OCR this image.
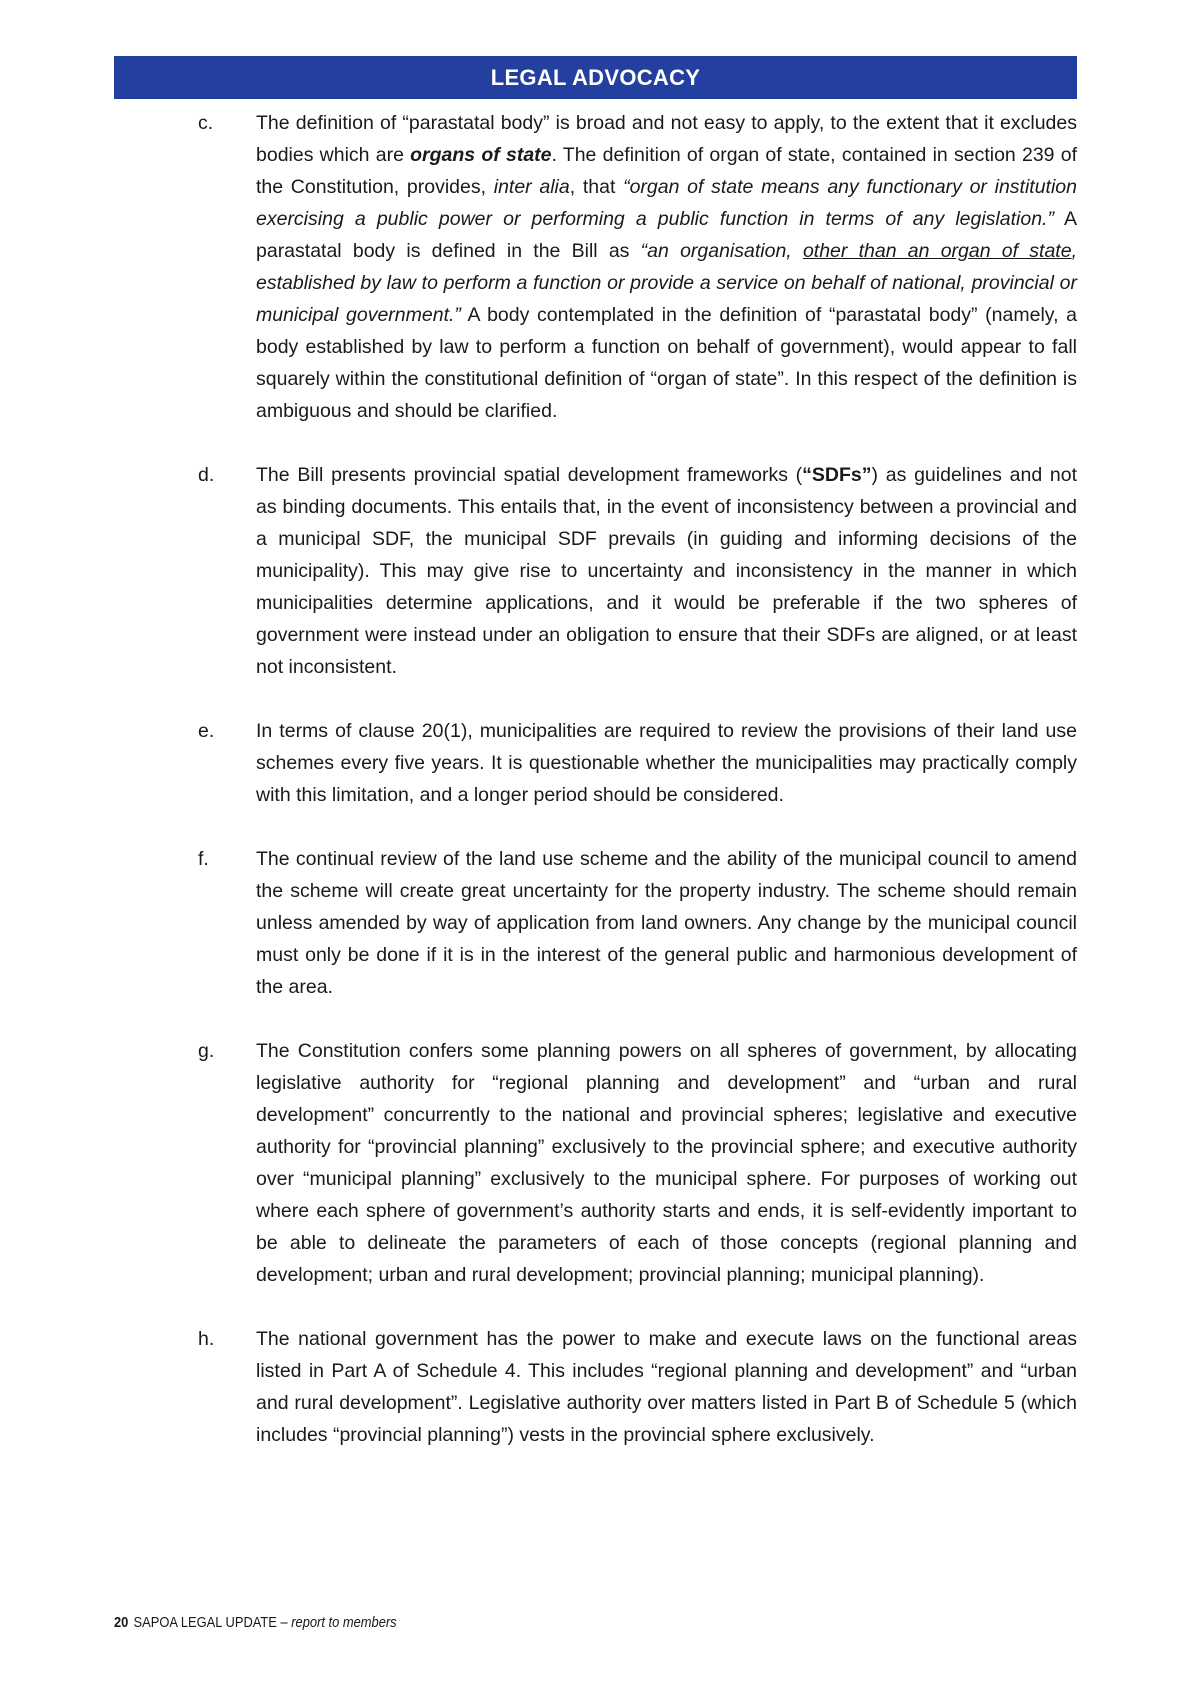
LEGAL ADVOCACY
c.	The definition of “parastatal body” is broad and not easy to apply, to the extent that it excludes bodies which are organs of state. The definition of organ of state, contained in section 239 of the Constitution, provides, inter alia, that “organ of state means any functionary or institution exercising a public power or performing a public function in terms of any legislation.” A parastatal body is defined in the Bill as “an organisation, other than an organ of state, established by law to perform a function or provide a service on behalf of national, provincial or municipal government.” A body contemplated in the definition of “parastatal body” (namely, a body established by law to perform a function on behalf of government), would appear to fall squarely within the constitutional definition of “organ of state”. In this respect of the definition is ambiguous and should be clarified.
d.	The Bill presents provincial spatial development frameworks (“SDFs”) as guidelines and not as binding documents. This entails that, in the event of inconsistency between a provincial and a municipal SDF, the municipal SDF prevails (in guiding and informing decisions of the municipality). This may give rise to uncertainty and inconsistency in the manner in which municipalities determine applications, and it would be preferable if the two spheres of government were instead under an obligation to ensure that their SDFs are aligned, or at least not inconsistent.
e.	In terms of clause 20(1), municipalities are required to review the provisions of their land use schemes every five years. It is questionable whether the municipalities may practically comply with this limitation, and a longer period should be considered.
f.	The continual review of the land use scheme and the ability of the municipal council to amend the scheme will create great uncertainty for the property industry. The scheme should remain unless amended by way of application from land owners. Any change by the municipal council must only be done if it is in the interest of the general public and harmonious development of the area.
g.	The Constitution confers some planning powers on all spheres of government, by allocating legislative authority for “regional planning and development” and “urban and rural development” concurrently to the national and provincial spheres; legislative and executive authority for “provincial planning” exclusively to the provincial sphere; and executive authority over “municipal planning” exclusively to the municipal sphere. For purposes of working out where each sphere of government’s authority starts and ends, it is self-evidently important to be able to delineate the parameters of each of those concepts (regional planning and development; urban and rural development; provincial planning; municipal planning).
h.	The national government has the power to make and execute laws on the functional areas listed in Part A of Schedule 4. This includes “regional planning and development” and “urban and rural development”. Legislative authority over matters listed in Part B of Schedule 5 (which includes “provincial planning”) vests in the provincial sphere exclusively.
20 SAPOA LEGAL UPDATE – report to members
